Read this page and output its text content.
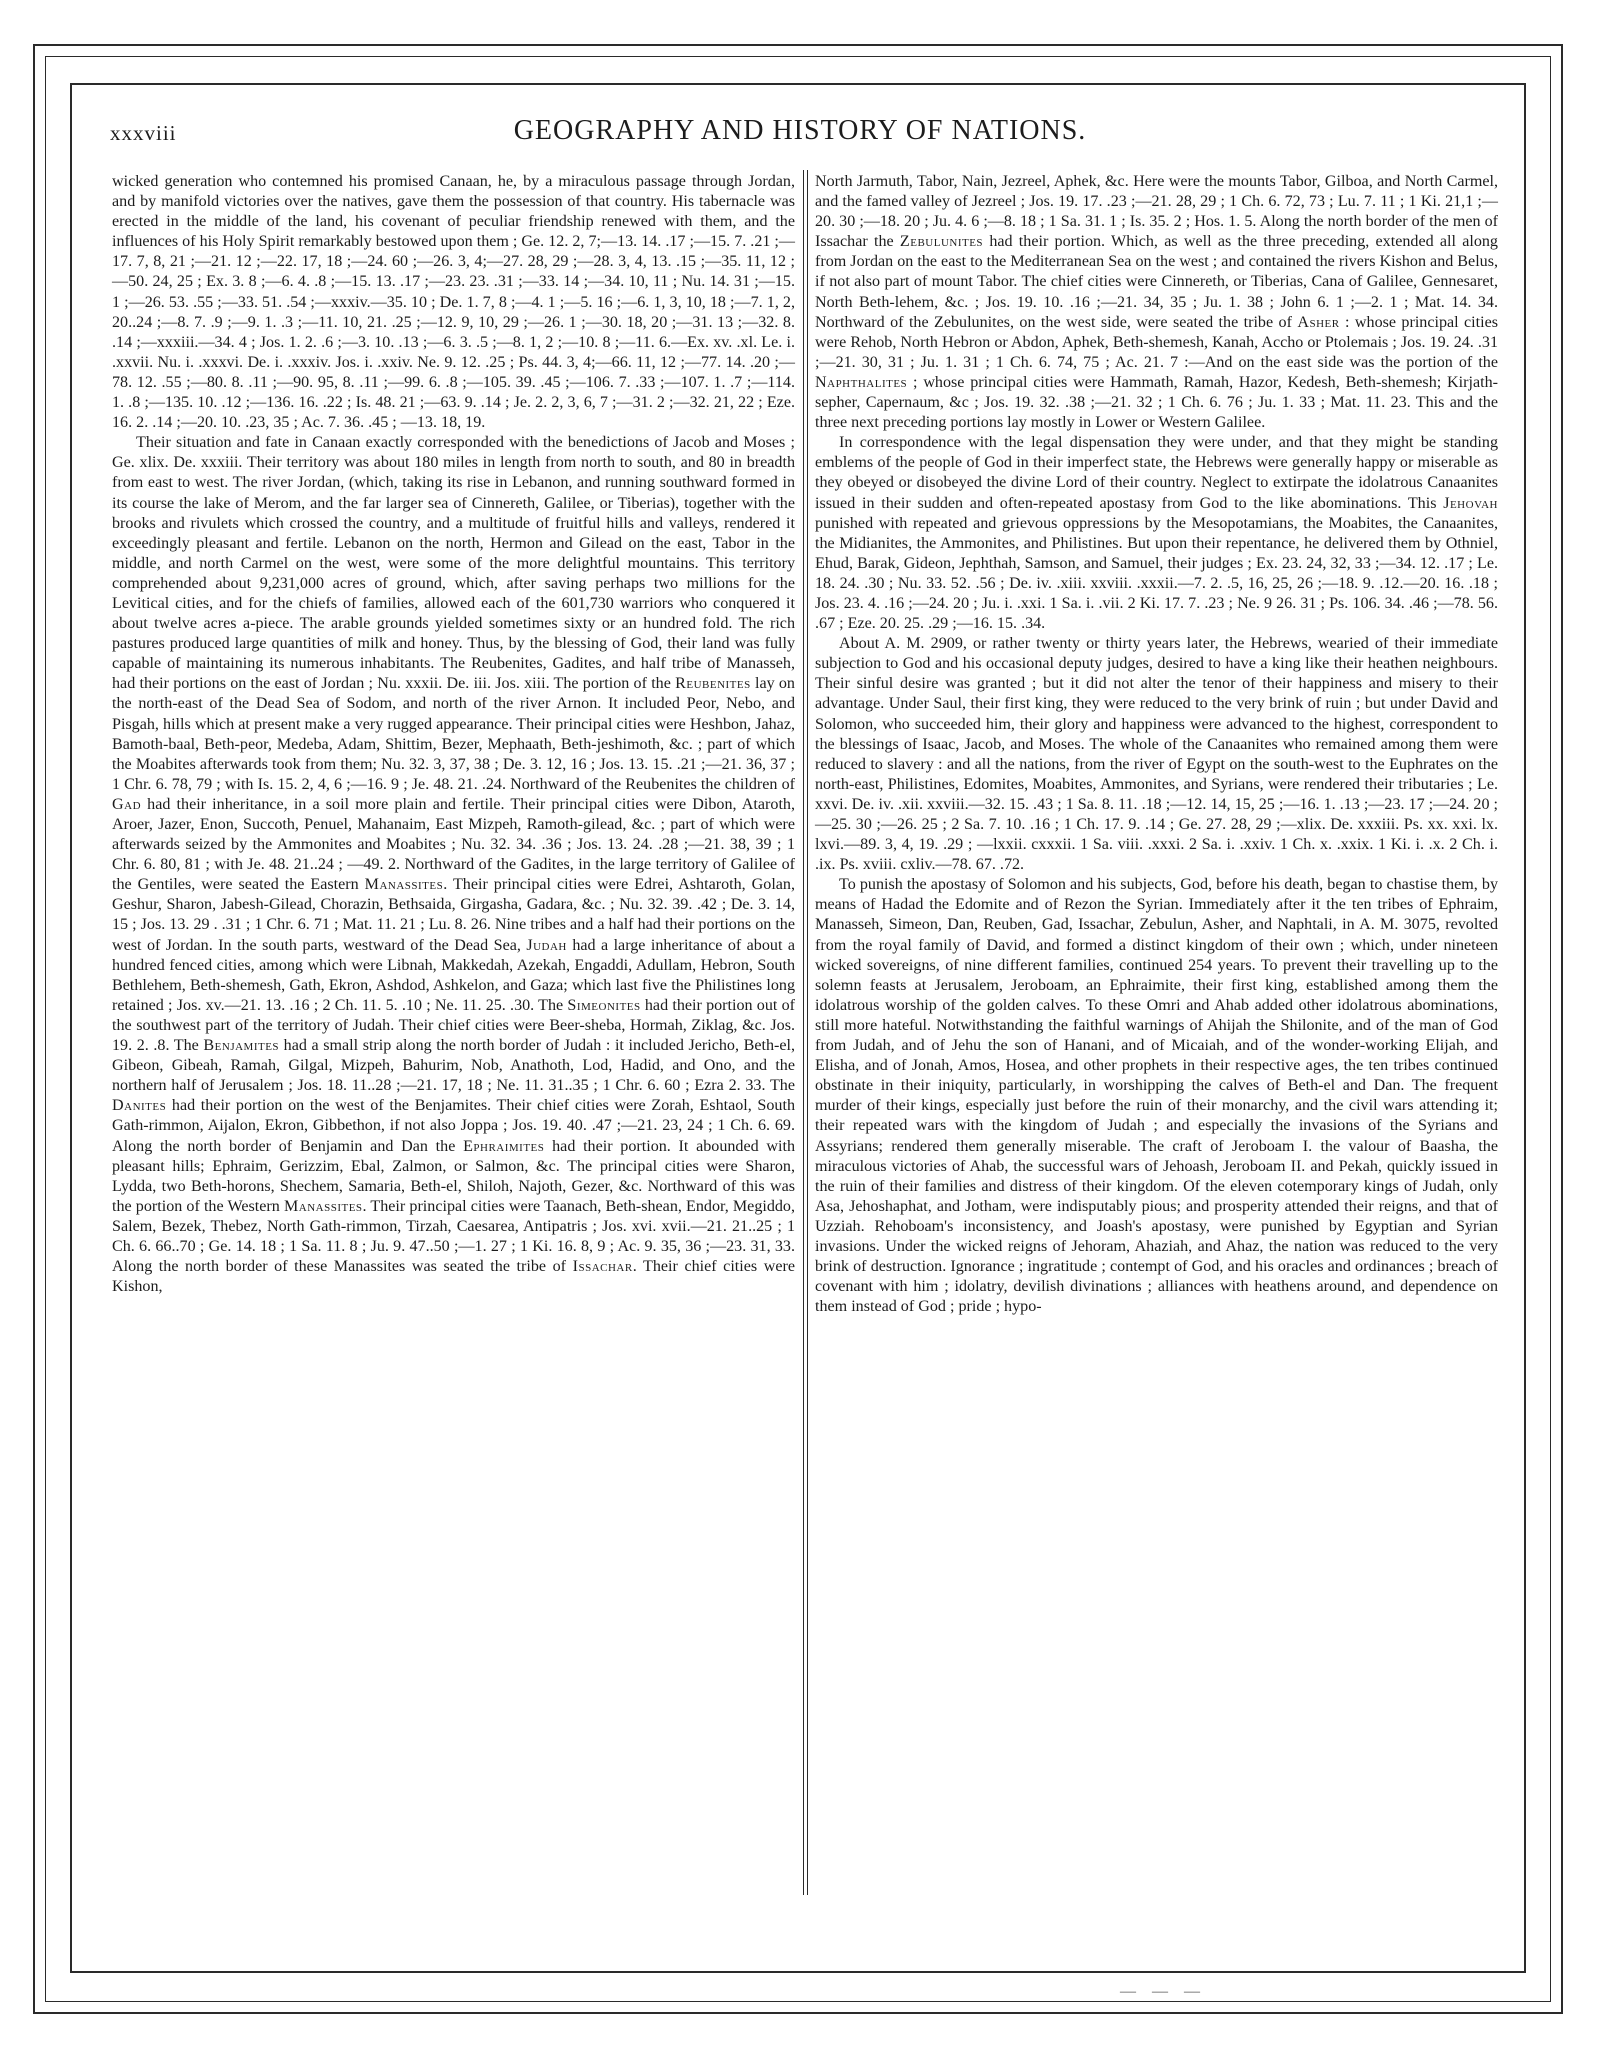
xxxviii	GEOGRAPHY AND HISTORY OF NATIONS.

wicked generation who contemned his promised Canaan, he, by a miraculous passage through Jordan, and by manifold victories over the natives, gave them the possession of that country. His tabernacle was erected in the middle of the land, his covenant of peculiar friendship renewed with them, and the influences of his Holy Spirit remarkably bestowed upon them ; Ge. 12. 2, 7;—13. 14. .17 ;—15. 7. .21 ;—17. 7, 8, 21 ;—21. 12 ;—22. 17, 18 ;—24. 60 ;—26. 3, 4;—27. 28, 29 ;—28. 3, 4, 13. .15 ;—35. 11, 12 ;—50. 24, 25 ; Ex. 3. 8 ;—6. 4. .8 ;—15. 13. .17 ;—23. 23. .31 ;—33. 14 ;—34. 10, 11 ; Nu. 14. 31 ;—15. 1 ;—26. 53. .55 ;—33. 51. .54 ;—xxxiv.—35. 10 ; De. 1. 7, 8 ;—4. 1 ;—5. 16 ;—6. 1, 3, 10, 18 ;—7. 1, 2, 20..24 ;—8. 7. .9 ;—9. 1. .3 ;—11. 10, 21. .25 ;—12. 9, 10, 29 ;—26. 1 ;—30. 18, 20 ;—31. 13 ;—32. 8. .14 ;—xxxiii.—34. 4 ; Jos. 1. 2. .6 ;—3. 10. .13 ;—6. 3. .5 ;—8. 1, 2 ;—10. 8 ;—11. 6.—Ex. xv. .xl. Le. i. .xxvii. Nu. i. .xxxvi. De. i. .xxxiv. Jos. i. .xxiv. Ne. 9. 12. .25 ; Ps. 44. 3, 4;—66. 11, 12 ;—77. 14. .20 ;—78. 12. .55 ;—80. 8. .11 ;—90. 95, 8. .11 ;—99. 6. .8 ;—105. 39. .45 ;—106. 7. .33 ;—107. 1. .7 ;—114. 1. .8 ;—135. 10. .12 ;—136. 16. .22 ; Is. 48. 21 ;—63. 9. .14 ; Je. 2. 2, 3, 6, 7 ;—31. 2 ;—32. 21, 22 ; Eze. 16. 2. .14 ;—20. 10. .23, 35 ; Ac. 7. 36. .45 ; —13. 18, 19.

Their situation and fate in Canaan exactly corresponded with the benedictions of Jacob and Moses ; Ge. xlix. De. xxxiii. Their territory was about 180 miles in length from north to south, and 80 in breadth from east to west. The river Jordan, (which, taking its rise in Lebanon, and running southward formed in its course the lake of Merom, and the far larger sea of Cinnereth, Galilee, or Tiberias), together with the brooks and rivulets which crossed the country, and a multitude of fruitful hills and valleys, rendered it exceedingly pleasant and fertile. Lebanon on the north, Hermon and Gilead on the east, Tabor in the middle, and north Carmel on the west, were some of the more delightful mountains. This territory comprehended about 9,231,000 acres of ground, which, after saving perhaps two millions for the Levitical cities, and for the chiefs of families, allowed each of the 601,730 warriors who conquered it about twelve acres a-piece. The arable grounds yielded sometimes sixty or an hundred fold. The rich pastures produced large quantities of milk and honey. Thus, by the blessing of God, their land was fully capable of maintaining its numerous inhabitants. The Reubenites, Gadites, and half tribe of Manasseh, had their portions on the east of Jordan ; Nu. xxxii. De. iii. Jos. xiii. The portion of the Reubenites lay on the north-east of the Dead Sea of Sodom, and north of the river Arnon. It included Peor, Nebo, and Pisgah, hills which at present make a very rugged appearance. Their principal cities were Heshbon, Jahaz, Bamoth-baal, Beth-peor, Medeba, Adam, Shittim, Bezer, Mephaath, Beth-jeshimoth, &c. ; part of which the Moabites afterwards took from them; Nu. 32. 3, 37, 38 ; De. 3. 12, 16 ; Jos. 13. 15. .21 ;—21. 36, 37 ; 1 Chr. 6. 78, 79 ; with Is. 15. 2, 4, 6 ;—16. 9 ; Je. 48. 21. .24. Northward of the Reubenites the children of Gad had their inheritance, in a soil more plain and fertile. Their principal cities were Dibon, Ataroth, Aroer, Jazer, Enon, Succoth, Penuel, Mahanaim, East Mizpeh, Ramoth-gilead, &c. ; part of which were afterwards seized by the Ammonites and Moabites ; Nu. 32. 34. .36 ; Jos. 13. 24. .28 ;—21. 38, 39 ; 1 Chr. 6. 80, 81 ; with Je. 48. 21..24 ; —49. 2. Northward of the Gadites, in the large territory of Galilee of the Gentiles, were seated the Eastern Manassites. Their principal cities were Edrei, Ashtaroth, Golan, Geshur, Sharon, Jabesh-Gilead, Chorazin, Bethsaida, Girgasha, Gadara, &c. ; Nu. 32. 39. .42 ; De. 3. 14, 15 ; Jos. 13. 29 . .31 ; 1 Chr. 6. 71 ; Mat. 11. 21 ; Lu. 8. 26. Nine tribes and a half had their portions on the west of Jordan. In the south parts, westward of the Dead Sea, Judah had a large inheritance of about a hundred fenced cities, among which were Libnah, Makkedah, Azekah, Engaddi, Adullam, Hebron, South Bethlehem, Beth-shemesh, Gath, Ekron, Ashdod, Ashkelon, and Gaza; which last five the Philistines long retained ; Jos. xv.—21. 13. .16 ; 2 Ch. 11. 5. .10 ; Ne. 11. 25. .30. The Simeonites had their portion out of the southwest part of the territory of Judah. Their chief cities were Beer-sheba, Hormah, Ziklag, &c. Jos. 19. 2. .8. The Benjamites had a small strip along the north border of Judah : it included Jericho, Beth-el, Gibeon, Gibeah, Ramah, Gilgal, Mizpeh, Bahurim, Nob, Anathoth, Lod, Hadid, and Ono, and the northern half of Jerusalem ; Jos. 18. 11..28 ;—21. 17, 18 ; Ne. 11. 31..35 ; 1 Chr. 6. 60 ; Ezra 2. 33. The Danites had their portion on the west of the Benjamites. Their chief cities were Zorah, Eshtaol, South Gath-rimmon, Aijalon, Ekron, Gibbethon, if not also Joppa ; Jos. 19. 40. .47 ;—21. 23, 24 ; 1 Ch. 6. 69. Along the north border of Benjamin and Dan the Ephraimites had their portion. It abounded with pleasant hills; Ephraim, Gerizzim, Ebal, Zalmon, or Salmon, &c. The principal cities were Sharon, Lydda, two Beth-horons, Shechem, Samaria, Beth-el, Shiloh, Najoth, Gezer, &c. Northward of this was the portion of the Western Manassites. Their principal cities were Taanach, Beth-shean, Endor, Megiddo, Salem, Bezek, Thebez, North Gath-rimmon, Tirzah, Caesarea, Antipatris ; Jos. xvi. xvii.—21. 21..25 ; 1 Ch. 6. 66..70 ; Ge. 14. 18 ; 1 Sa. 11. 8 ; Ju. 9. 47..50 ;—1. 27 ; 1 Ki. 16. 8, 9 ; Ac. 9. 35, 36 ;—23. 31, 33. Along the north border of these Manassites was seated the tribe of Issachar. Their chief cities were Kishon,

North Jarmuth, Tabor, Nain, Jezreel, Aphek, &c. Here were the mounts Tabor, Gilboa, and North Carmel, and the famed valley of Jezreel ; Jos. 19. 17. .23 ;—21. 28, 29 ; 1 Ch. 6. 72, 73 ; Lu. 7. 11 ; 1 Ki. 21,1 ;—20. 30 ;—18. 20 ; Ju. 4. 6 ;—8. 18 ; 1 Sa. 31. 1 ; Is. 35. 2 ; Hos. 1. 5. Along the north border of the men of Issachar the Zebulunites had their portion. Which, as well as the three preceding, extended all along from Jordan on the east to the Mediterranean Sea on the west ; and contained the rivers Kishon and Belus, if not also part of mount Tabor. The chief cities were Cinnereth, or Tiberias, Cana of Galilee, Gennesaret, North Beth-lehem, &c. ; Jos. 19. 10. .16 ;—21. 34, 35 ; Ju. 1. 38 ; John 6. 1 ;—2. 1 ; Mat. 14. 34. Northward of the Zebulunites, on the west side, were seated the tribe of Asher : whose principal cities were Rehob, North Hebron or Abdon, Aphek, Beth-shemesh, Kanah, Accho or Ptolemais ; Jos. 19. 24. .31 ;—21. 30, 31 ; Ju. 1. 31 ; 1 Ch. 6. 74, 75 ; Ac. 21. 7 :—And on the east side was the portion of the Naphthalites ; whose principal cities were Hammath, Ramah, Hazor, Kedesh, Beth-shemesh; Kirjath-sepher, Capernaum, &c ; Jos. 19. 32. .38 ;—21. 32 ; 1 Ch. 6. 76 ; Ju. 1. 33 ; Mat. 11. 23. This and the three next preceding portions lay mostly in Lower or Western Galilee.

In correspondence with the legal dispensation they were under, and that they might be standing emblems of the people of God in their imperfect state, the Hebrews were generally happy or miserable as they obeyed or disobeyed the divine Lord of their country. Neglect to extirpate the idolatrous Canaanites issued in their sudden and often-repeated apostasy from God to the like abominations. This Jehovah punished with repeated and grievous oppressions by the Mesopotamians, the Moabites, the Canaanites, the Midianites, the Ammonites, and Philistines. But upon their repentance, he delivered them by Othniel, Ehud, Barak, Gideon, Jephthah, Samson, and Samuel, their judges ; Ex. 23. 24, 32, 33 ;—34. 12. .17 ; Le. 18. 24. .30 ; Nu. 33. 52. .56 ; De. iv. .xiii. xxviii. .xxxii.—7. 2. .5, 16, 25, 26 ;—18. 9. .12.—20. 16. .18 ; Jos. 23. 4. .16 ;—24. 20 ; Ju. i. .xxi. 1 Sa. i. .vii. 2 Ki. 17. 7. .23 ; Ne. 9 26. 31 ; Ps. 106. 34. .46 ;—78. 56. .67 ; Eze. 20. 25. .29 ;—16. 15. .34.

About A. M. 2909, or rather twenty or thirty years later, the Hebrews, wearied of their immediate subjection to God and his occasional deputy judges, desired to have a king like their heathen neighbours. Their sinful desire was granted ; but it did not alter the tenor of their happiness and misery to their advantage. Under Saul, their first king, they were reduced to the very brink of ruin ; but under David and Solomon, who succeeded him, their glory and happiness were advanced to the highest, correspondent to the blessings of Isaac, Jacob, and Moses. The whole of the Canaanites who remained among them were reduced to slavery : and all the nations, from the river of Egypt on the south-west to the Euphrates on the north-east, Philistines, Edomites, Moabites, Ammonites, and Syrians, were rendered their tributaries ; Le. xxvi. De. iv. .xii. xxviii.—32. 15. .43 ; 1 Sa. 8. 11. .18 ;—12. 14, 15, 25 ;—16. 1. .13 ;—23. 17 ;—24. 20 ;—25. 30 ;—26. 25 ; 2 Sa. 7. 10. .16 ; 1 Ch. 17. 9. .14 ; Ge. 27. 28, 29 ;—xlix. De. xxxiii. Ps. xx. xxi. lx. lxvi.—89. 3, 4, 19. .29 ; —lxxii. cxxxii. 1 Sa. viii. .xxxi. 2 Sa. i. .xxiv. 1 Ch. x. .xxix. 1 Ki. i. .x. 2 Ch. i. .ix. Ps. xviii. cxliv.—78. 67. .72.

To punish the apostasy of Solomon and his subjects, God, before his death, began to chastise them, by means of Hadad the Edomite and of Rezon the Syrian. Immediately after it the ten tribes of Ephraim, Manasseh, Simeon, Dan, Reuben, Gad, Issachar, Zebulun, Asher, and Naphtali, in A. M. 3075, revolted from the royal family of David, and formed a distinct kingdom of their own ; which, under nineteen wicked sovereigns, of nine different families, continued 254 years. To prevent their travelling up to the solemn feasts at Jerusalem, Jeroboam, an Ephraimite, their first king, established among them the idolatrous worship of the golden calves. To these Omri and Ahab added other idolatrous abominations, still more hateful. Notwithstanding the faithful warnings of Ahijah the Shilonite, and of the man of God from Judah, and of Jehu the son of Hanani, and of Micaiah, and of the wonder-working Elijah, and Elisha, and of Jonah, Amos, Hosea, and other prophets in their respective ages, the ten tribes continued obstinate in their iniquity, particularly, in worshipping the calves of Beth-el and Dan. The frequent murder of their kings, especially just before the ruin of their monarchy, and the civil wars attending it; their repeated wars with the kingdom of Judah ; and especially the invasions of the Syrians and Assyrians; rendered them generally miserable. The craft of Jeroboam I. the valour of Baasha, the miraculous victories of Ahab, the successful wars of Jehoash, Jeroboam II. and Pekah, quickly issued in the ruin of their families and distress of their kingdom. Of the eleven cotemporary kings of Judah, only Asa, Jehoshaphat, and Jotham, were indisputably pious; and prosperity attended their reigns, and that of Uzziah. Rehoboam's inconsistency, and Joash's apostasy, were punished by Egyptian and Syrian invasions. Under the wicked reigns of Jehoram, Ahaziah, and Ahaz, the nation was reduced to the very brink of destruction. Ignorance ; ingratitude ; contempt of God, and his oracles and ordinances ; breach of covenant with him ; idolatry, devilish divinations ; alliances with heathens around, and dependence on them instead of God ; pride ; hypo-

— — —
